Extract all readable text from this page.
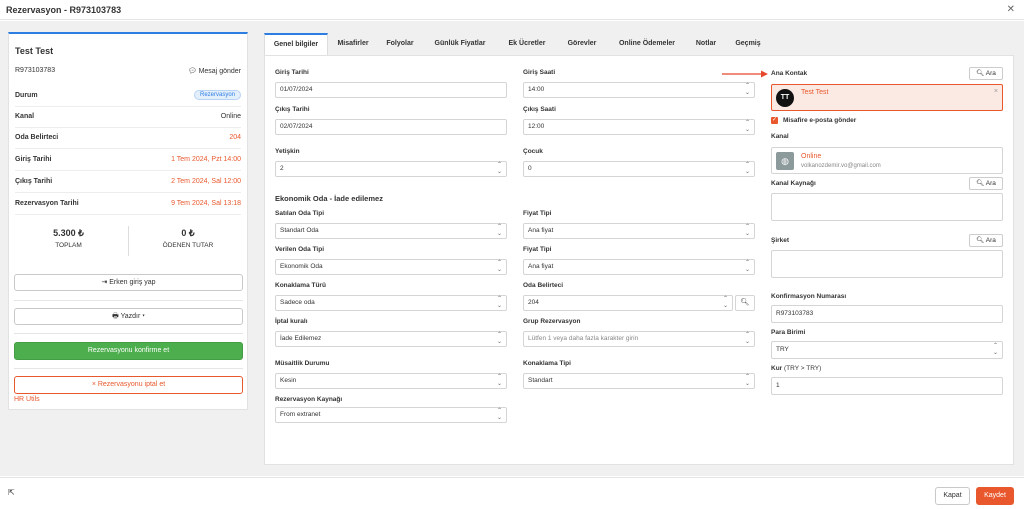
Rezervasyon - R973103783	✕
Test Test
R973103783	💬︎ Mesaj gönder
Durum	Rezervasyon
Kanal	Online
Oda Belirteci	204
Giriş Tarihi	1 Tem 2024, Pzt 14:00
Çıkış Tarihi	2 Tem 2024, Sal 12:00
Rezervasyon Tarihi	9 Tem 2024, Sal 13:18
5.300 ₺
TOPLAM
0 ₺
ÖDENEN TUTAR
⇥ Erken giriş yap
🖶︎ Yazdır ▾
Rezervasyonu konfirme et
× Rezervasyonu iptal et
HR Utils
Genel bilgiler	Misafirler	Folyolar	Günlük Fiyatlar	Ek Ücretler	Görevler	Online Ödemeler	Notlar	Geçmiş
Giriş Tarihi
01/07/2024
Giriş Saati
14:00	⌃
⌄
Çıkış Tarihi
02/07/2024
Çıkış Saati
12:00	⌃
⌄
Yetişkin
2	⌃
⌄
Çocuk
0	⌃
⌄
Ekonomik Oda - İade edilemez
Satılan Oda Tipi
Standart Oda	⌃
⌄
Fiyat Tipi
Ana fiyat	⌃
⌄
Verilen Oda Tipi
Ekonomik Oda	⌃
⌄
Fiyat Tipi
Ana fiyat	⌃
⌄
Konaklama Türü
Sadece oda	⌃
⌄
Oda Belirteci
204	⌃
⌄	🔍︎
İptal kuralı
İade Edilemez	⌃
⌄
Grup Rezervasyon
Lütfen 1 veya daha fazla karakter girin	⌃
⌄
Müsaitlik Durumu
Kesin	⌃
⌄
Konaklama Tipi
Standart	⌃
⌄
Rezervasyon Kaynağı
From extranet	⌃
⌄
Ana Kontak	🔍︎ Ara
TT
Test Test	×
✓ Misafire e-posta gönder
Kanal
◍	Online
volkanozdemir.vo@gmail.com
Kanal Kaynağı	🔍︎ Ara
Şirket	🔍︎ Ara
Konfirmasyon Numarası
R973103783
Para Birimi
TRY	⌃
⌄
Kur (TRY > TRY)
1
⇱	Kapat	Kaydet
